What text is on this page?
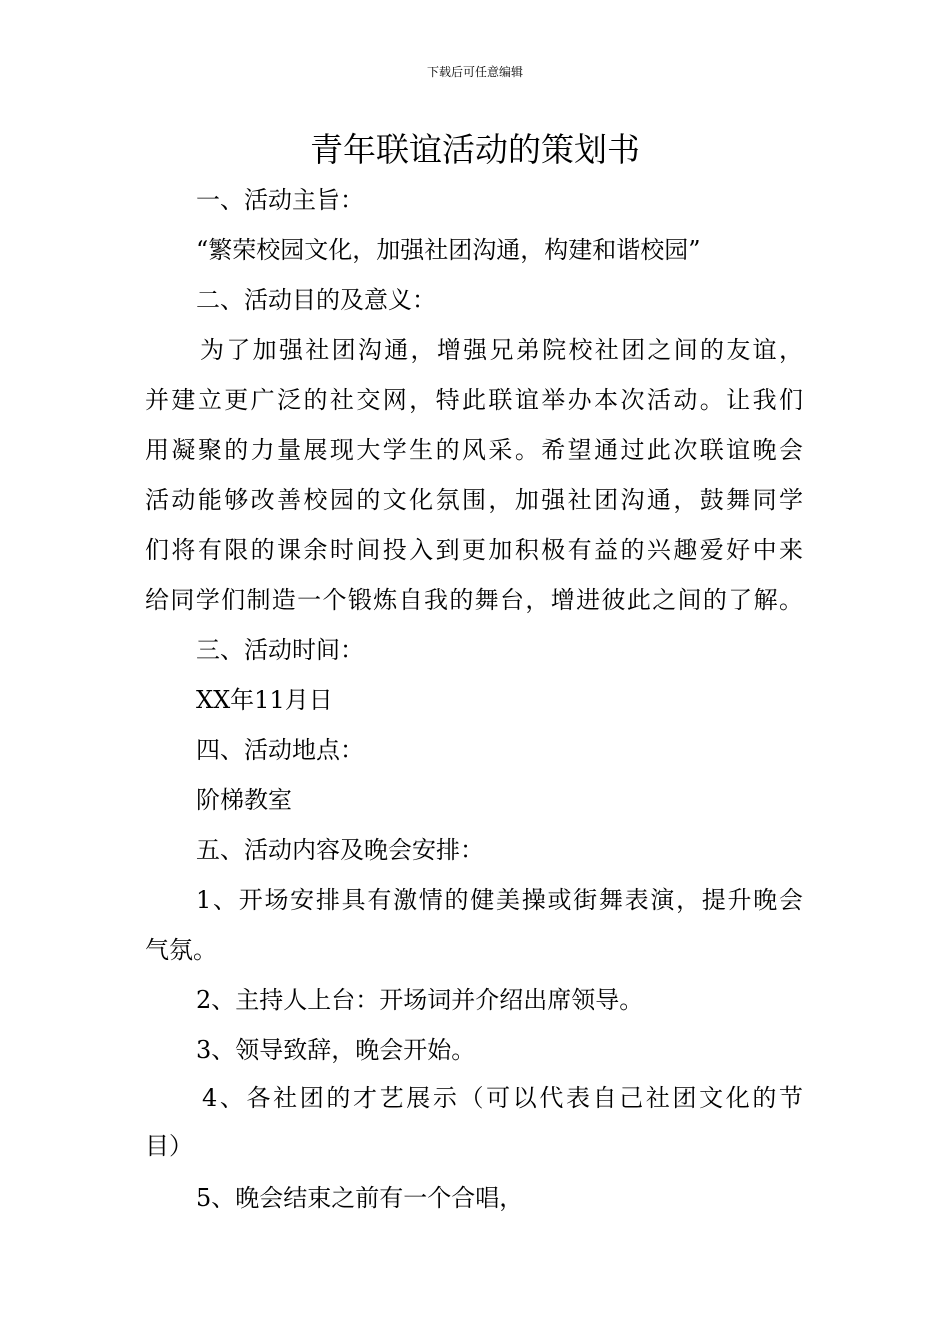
下载后可任意编辑
青年联谊活动的策划书
一、活动主旨：
“繁荣校园文化，加强社团沟通，构建和谐校园”
二、活动目的及意义：
为了加强社团沟通，增强兄弟院校社团之间的友谊，
并建立更广泛的社交网，特此联谊举办本次活动。让我们
用凝聚的力量展现大学生的风采。希望通过此次联谊晚会
活动能够改善校园的文化氛围，加强社团沟通，鼓舞同学
们将有限的课余时间投入到更加积极有益的兴趣爱好中来
给同学们制造一个锻炼自我的舞台，增进彼此之间的了解。
三、活动时间：
XX年11月日
四、活动地点：
阶梯教室
五、活动内容及晚会安排：
1、开场安排具有激情的健美操或街舞表演，提升晚会
气氛。
2、主持人上台：开场词并介绍出席领导。
3、领导致辞，晚会开始。
4、各社团的才艺展示（可以代表自己社团文化的节
目）
5、晚会结束之前有一个合唱，
